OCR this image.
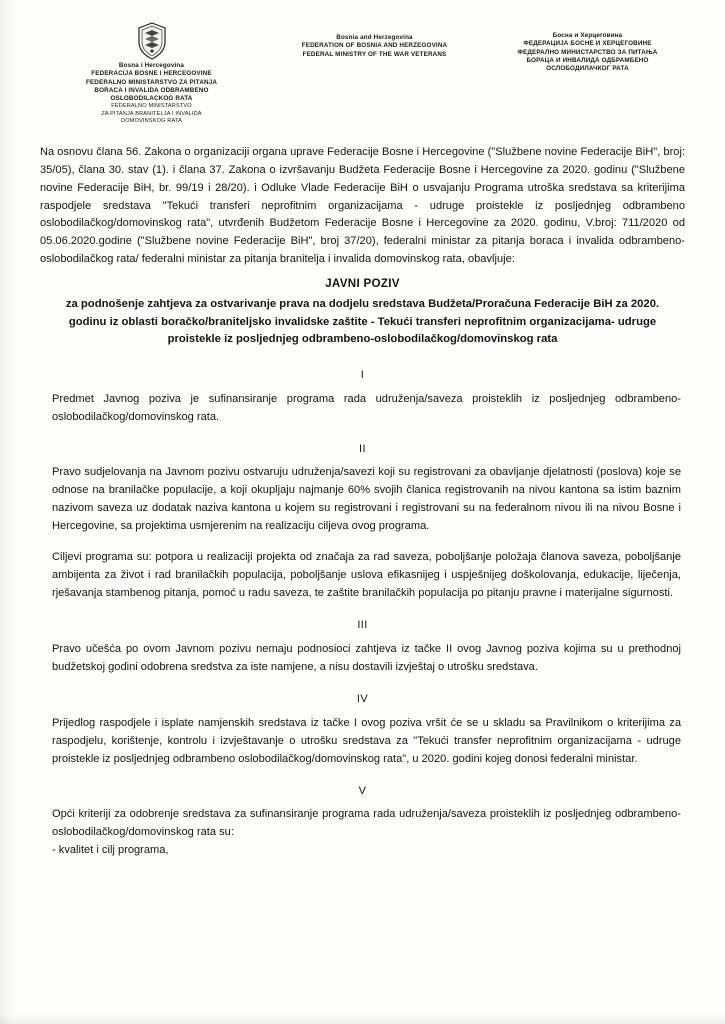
Bosna i Hercegovina
FEDERACIJA BOSNE I HERCEGOVINE
FEDERALNO MINISTARSTVO ZA PITANJA
BORACA I INVALIDA ODBRAMBENO
OSLOBODILACKOG RATA
FEDERALNO MINISTARSTVO
ZA PITANJA BRANITELJA I INVALIDA
DOMOVINSKOG RATA
Bosnia and Herzegovina
FEDERATION OF BOSNIA AND HERZEGOVINA
FEDERAL MINISTRY OF THE WAR VETERANS
Босна и Херцеговина
ФЕДЕРАЦИЈА БОСНЕ И ХЕРЦЕГОВИНЕ
ФЕДЕРАЛНО МИНИСТАРСТВО ЗА ПИТАЊА
БОРАЦА И ИНВАЛИДА ОДБРАМБЕНО
ОСЛОБОДИЛАЧКОГ РАТА

Na osnovu člana 56. Zakona o organizaciji organa uprave Federacije Bosne i Hercegovine ("Službene novine Federacije BiH", broj: 35/05), člana 30. stav (1). i člana 37. Zakona o izvršavanju Budžeta Federacije Bosne i Hercegovine za 2020. godinu ("Službene novine Federacije BiH, br. 99/19 i 28/20). i Odluke Vlade Federacije BiH o usvajanju Programa utroška sredstava sa kriterijima raspodjele sredstava "Tekući transferi neprofitnim organizacijama - udruge proistekle iz posljednjeg odbrambeno oslobodilačkog/domovinskog rata", utvrđenih Budžetom Federacije Bosne i Hercegovine za 2020. godinu, V.broj: 711/2020 od 05.06.2020.godine ("Službene novine Federacije BiH", broj 37/20), federalni ministar za pitanja boraca i invalida odbrambeno-oslobodilačkog rata/ federalni ministar za pitanja branitelja i invalida domovinskog rata, obavljuje:

JAVNI POZIV
za podnošenje zahtjeva za ostvarivanje prava na dodjelu sredstava Budžeta/Proračuna Federacije BiH za 2020. godinu iz oblasti boračko/braniteljsko invalidske zaštite - Tekući transferi neprofitnim organizacijama- udruge proistekle iz posljednjeg odbrambeno-oslobodilačkog/domovinskog rata
I

Predmet Javnog poziva je sufinansiranje programa rada udruženja/saveza proisteklih iz posljednjeg odbrambeno-oslobodilačkog/domovinskog rata.

II

Pravo sudjelovanja na Javnom pozivu ostvaruju udruženja/savezi koji su registrovani za obavljanje djelatnosti (poslova) koje se odnose na branilačke populacije, a koji okupljaju najmanje 60% svojih članica registrovanih na nivou kantona sa istim baznim nazivom saveza uz dodatak naziva kantona u kojem su registrovani i registrovani su na federalnom nivou ili na nivou Bosne i Hercegovine, sa projektima usmjerenim na realizaciju ciljeva ovog programa.

Ciljevi programa su: potpora u realizaciji projekta od značaja za rad saveza, poboljšanje položaja članova saveza, poboljšanje ambijenta za život i rad branilačkih populacija, poboljšanje uslova efikasnijeg i uspješnijeg doškolovanja, edukacije, liječenja, rješavanja stambenog pitanja, pomoć u radu saveza, te zaštite branilačkih populacija po pitanju pravne i materijalne sigurnosti.

III

Pravo učešća po ovom Javnom pozivu nemaju podnosioci zahtjeva iz tačke II ovog Javnog poziva kojima su u prethodnoj budžetskoj godini odobrena sredstva za iste namjene, a nisu dostavili izvještaj o utrošku sredstava.

IV

Prijedlog raspodjele i isplate namjenskih sredstava iz tačke I ovog poziva vršit će se u skladu sa Pravilnikom o kriterijima za raspodjelu, korištenje, kontrolu i izvještavanje o utrošku sredstava za "Tekući transfer neprofitnim organizacijama - udruge proistekle iz posljednjeg odbrambeno oslobodilačkog/domovinskog rata", u 2020. godini kojeg donosi federalni ministar.

V

Opći kriteriji za odobrenje sredstava za sufinansiranje programa rada udruženja/saveza proisteklih iz posljednjeg odbrambeno-oslobodilačkog/domovinskog rata su:

- kvalitet i cilj programa,
